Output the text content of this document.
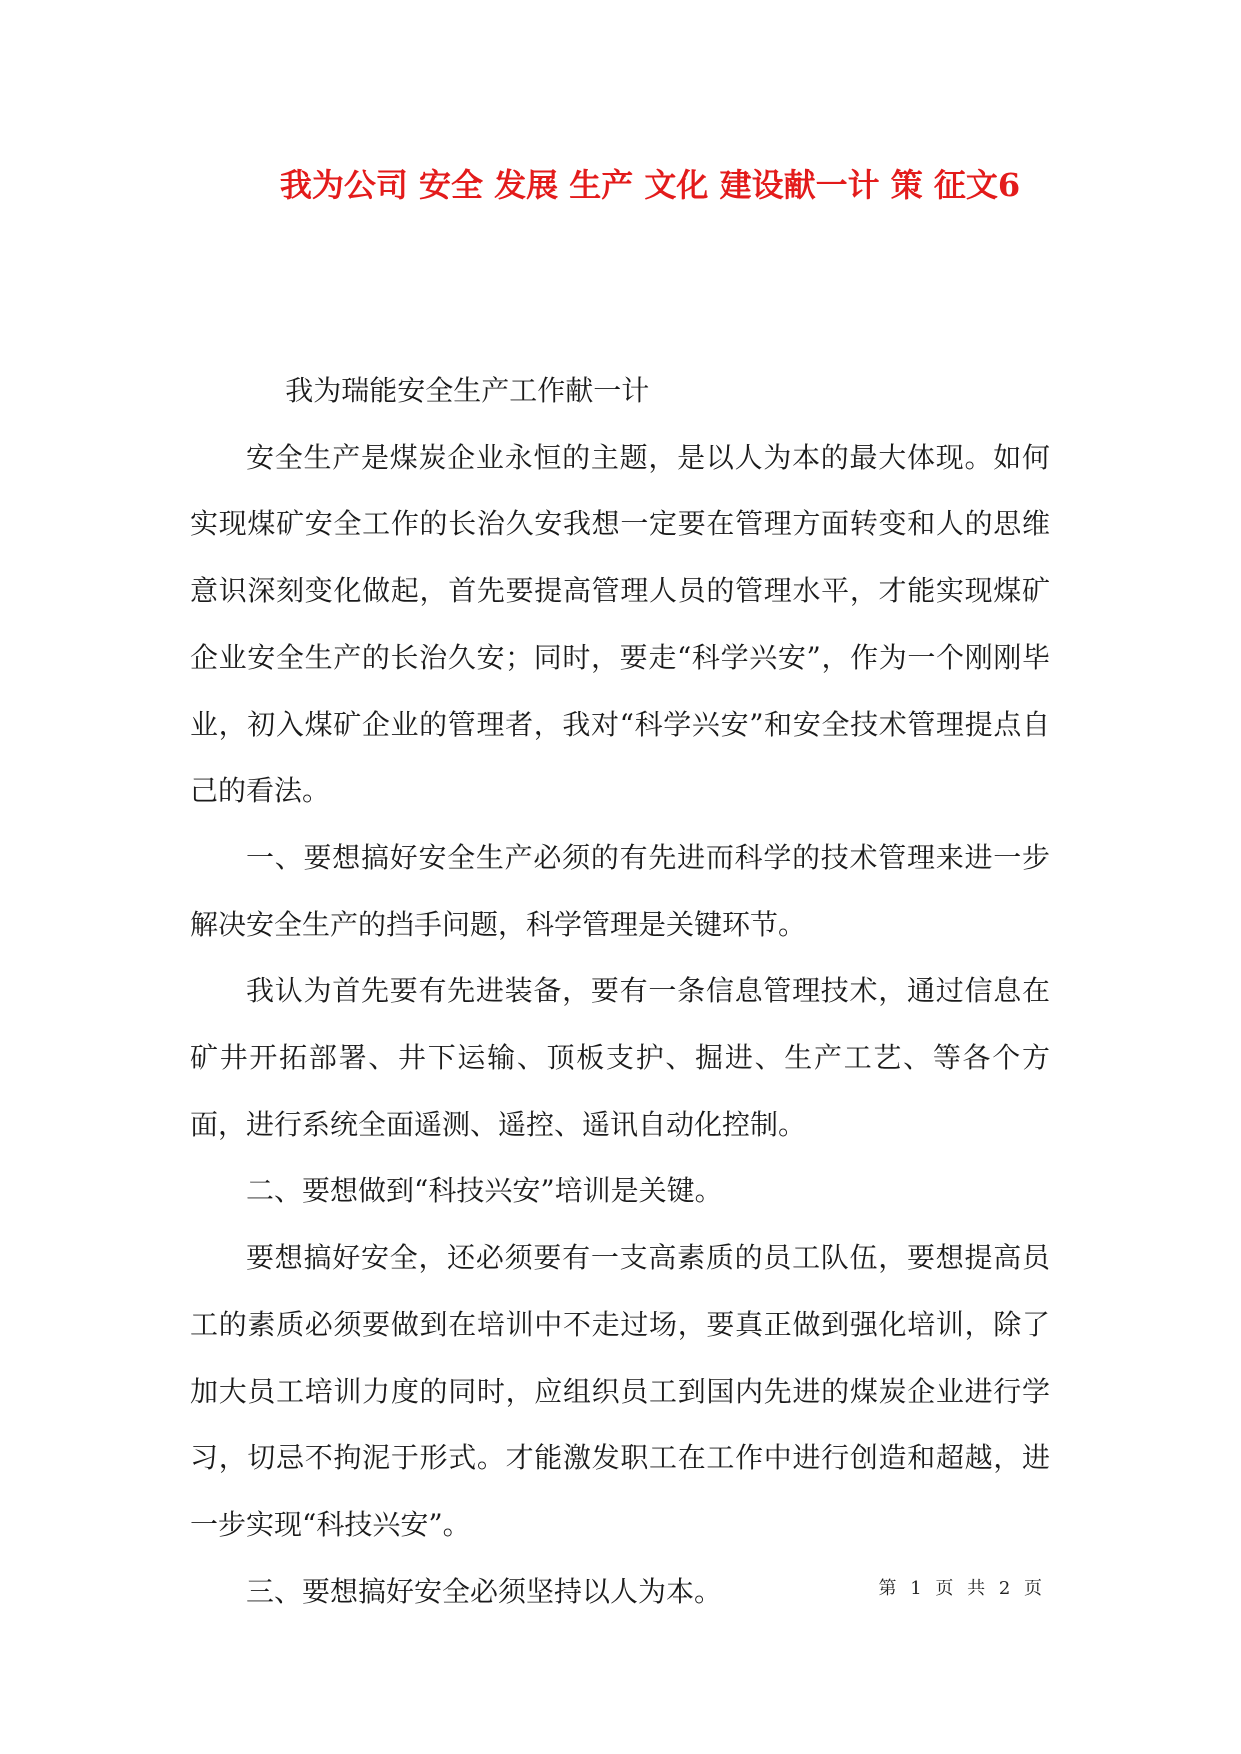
我为公司 安全 发展 生产 文化 建设献一计 策 征文6

我为瑞能安全生产工作献一计

安全生产是煤炭企业永恒的主题，是以人为本的最大体现。如何实现煤矿安全工作的长治久安我想一定要在管理方面转变和人的思维意识深刻变化做起，首先要提高管理人员的管理水平，才能实现煤矿企业安全生产的长治久安；同时，要走“科学兴安”，作为一个刚刚毕业，初入煤矿企业的管理者，我对“科学兴安”和安全技术管理提点自己的看法。

一、要想搞好安全生产必须的有先进而科学的技术管理来进一步解决安全生产的挡手问题，科学管理是关键环节。

我认为首先要有先进装备，要有一条信息管理技术，通过信息在矿井开拓部署、井下运输、顶板支护、掘进、生产工艺、等各个方面，进行系统全面遥测、遥控、遥讯自动化控制。

二、要想做到“科技兴安”培训是关键。

要想搞好安全，还必须要有一支高素质的员工队伍，要想提高员工的素质必须要做到在培训中不走过场，要真正做到强化培训，除了加大员工培训力度的同时，应组织员工到国内先进的煤炭企业进行学习，切忌不拘泥于形式。才能激发职工在工作中进行创造和超越，进一步实现“科技兴安”。

三、要想搞好安全必须坚持以人为本。	第 1 页 共 2 页
